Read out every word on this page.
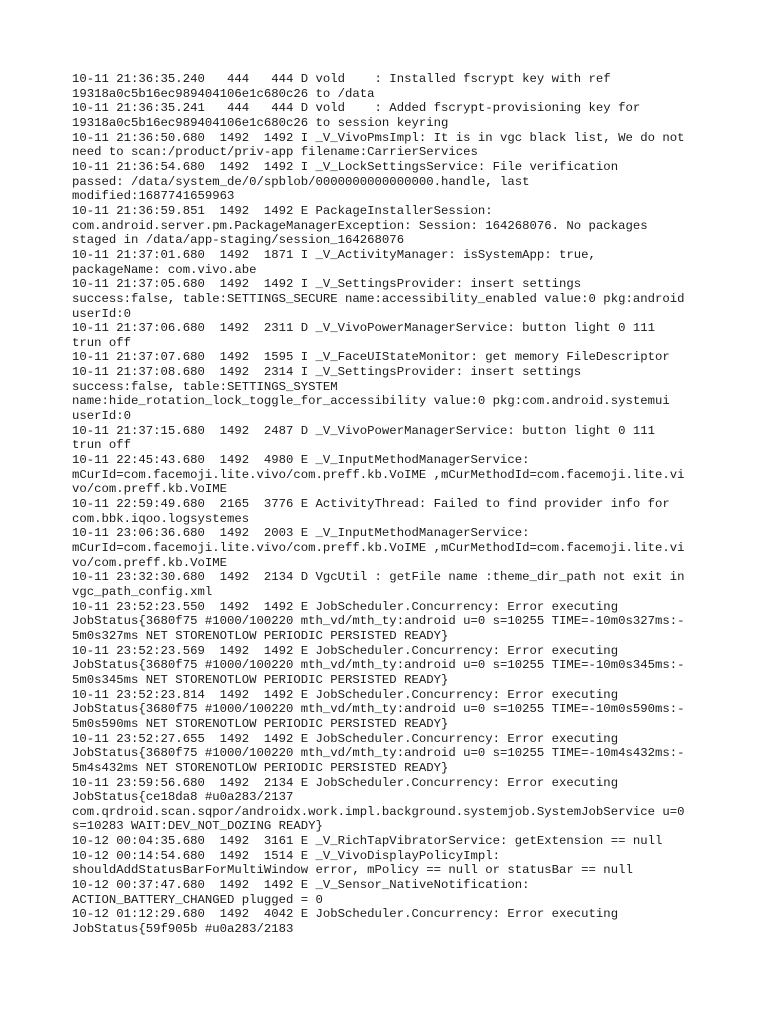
10-11 21:36:35.240   444   444 D vold    : Installed fscrypt key with ref
19318a0c5b16ec989404106e1c680c26 to /data
10-11 21:36:35.241   444   444 D vold    : Added fscrypt-provisioning key for
19318a0c5b16ec989404106e1c680c26 to session keyring
10-11 21:36:50.680  1492  1492 I _V_VivoPmsImpl: It is in vgc black list, We do not
need to scan:/product/priv-app filename:CarrierServices
10-11 21:36:54.680  1492  1492 I _V_LockSettingsService: File verification
passed: /data/system_de/0/spblob/0000000000000000.handle, last
modified:1687741659963
10-11 21:36:59.851  1492  1492 E PackageInstallerSession:
com.android.server.pm.PackageManagerException: Session: 164268076. No packages
staged in /data/app-staging/session_164268076
10-11 21:37:01.680  1492  1871 I _V_ActivityManager: isSystemApp: true,
packageName: com.vivo.abe
10-11 21:37:05.680  1492  1492 I _V_SettingsProvider: insert settings
success:false, table:SETTINGS_SECURE name:accessibility_enabled value:0 pkg:android
userId:0
10-11 21:37:06.680  1492  2311 D _V_VivoPowerManagerService: button light 0 111
trun off
10-11 21:37:07.680  1492  1595 I _V_FaceUIStateMonitor: get memory FileDescriptor
10-11 21:37:08.680  1492  2314 I _V_SettingsProvider: insert settings
success:false, table:SETTINGS_SYSTEM
name:hide_rotation_lock_toggle_for_accessibility value:0 pkg:com.android.systemui
userId:0
10-11 21:37:15.680  1492  2487 D _V_VivoPowerManagerService: button light 0 111
trun off
10-11 22:45:43.680  1492  4980 E _V_InputMethodManagerService:
mCurId=com.facemoji.lite.vivo/com.preff.kb.VoIME ,mCurMethodId=com.facemoji.lite.vi
vo/com.preff.kb.VoIME
10-11 22:59:49.680  2165  3776 E ActivityThread: Failed to find provider info for
com.bbk.iqoo.logsystemes
10-11 23:06:36.680  1492  2003 E _V_InputMethodManagerService:
mCurId=com.facemoji.lite.vivo/com.preff.kb.VoIME ,mCurMethodId=com.facemoji.lite.vi
vo/com.preff.kb.VoIME
10-11 23:32:30.680  1492  2134 D VgcUtil : getFile name :theme_dir_path not exit in
vgc_path_config.xml
10-11 23:52:23.550  1492  1492 E JobScheduler.Concurrency: Error executing
JobStatus{3680f75 #1000/100220 mth_vd/mth_ty:android u=0 s=10255 TIME=-10m0s327ms:-
5m0s327ms NET STORENOTLOW PERIODIC PERSISTED READY}
10-11 23:52:23.569  1492  1492 E JobScheduler.Concurrency: Error executing
JobStatus{3680f75 #1000/100220 mth_vd/mth_ty:android u=0 s=10255 TIME=-10m0s345ms:-
5m0s345ms NET STORENOTLOW PERIODIC PERSISTED READY}
10-11 23:52:23.814  1492  1492 E JobScheduler.Concurrency: Error executing
JobStatus{3680f75 #1000/100220 mth_vd/mth_ty:android u=0 s=10255 TIME=-10m0s590ms:-
5m0s590ms NET STORENOTLOW PERIODIC PERSISTED READY}
10-11 23:52:27.655  1492  1492 E JobScheduler.Concurrency: Error executing
JobStatus{3680f75 #1000/100220 mth_vd/mth_ty:android u=0 s=10255 TIME=-10m4s432ms:-
5m4s432ms NET STORENOTLOW PERIODIC PERSISTED READY}
10-11 23:59:56.680  1492  2134 E JobScheduler.Concurrency: Error executing
JobStatus{ce18da8 #u0a283/2137
com.qrdroid.scan.sqpor/androidx.work.impl.background.systemjob.SystemJobService u=0
s=10283 WAIT:DEV_NOT_DOZING READY}
10-12 00:04:35.680  1492  3161 E _V_RichTapVibratorService: getExtension == null
10-12 00:14:54.680  1492  1514 E _V_VivoDisplayPolicyImpl:
shouldAddStatusBarForMultiWindow error, mPolicy == null or statusBar == null
10-12 00:37:47.680  1492  1492 E _V_Sensor_NativeNotification:
ACTION_BATTERY_CHANGED plugged = 0
10-12 01:12:29.680  1492  4042 E JobScheduler.Concurrency: Error executing
JobStatus{59f905b #u0a283/2183
